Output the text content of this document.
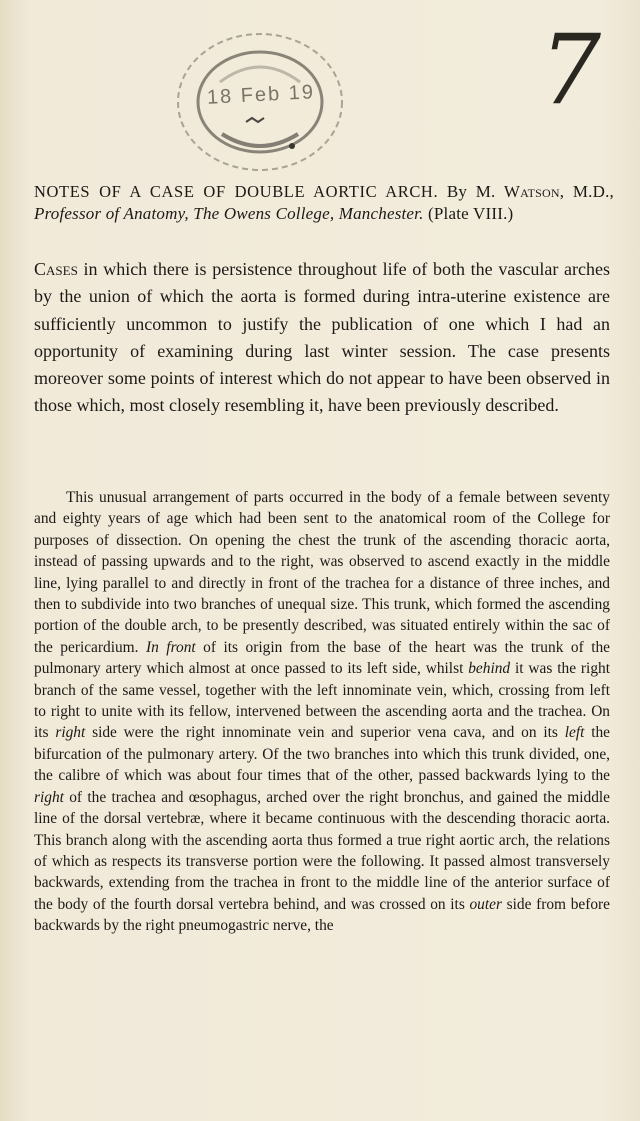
18 Feb 19 7
NOTES OF A CASE OF DOUBLE AORTIC ARCH. By M. Watson, M.D., Professor of Anatomy, The Owens College, Manchester. (Plate VIII.)
Cases in which there is persistence throughout life of both the vascular arches by the union of which the aorta is formed during intra-uterine existence are sufficiently uncommon to justify the publication of one which I had an opportunity of examining during last winter session. The case presents moreover some points of interest which do not appear to have been observed in those which, most closely resembling it, have been previously described.
This unusual arrangement of parts occurred in the body of a female between seventy and eighty years of age which had been sent to the anatomical room of the College for purposes of dissection. On opening the chest the trunk of the ascending thoracic aorta, instead of passing upwards and to the right, was observed to ascend exactly in the middle line, lying parallel to and directly in front of the trachea for a distance of three inches, and then to subdivide into two branches of unequal size. This trunk, which formed the ascending portion of the double arch, to be presently described, was situated entirely within the sac of the pericardium. In front of its origin from the base of the heart was the trunk of the pulmonary artery which almost at once passed to its left side, whilst behind it was the right branch of the same vessel, together with the left innominate vein, which, crossing from left to right to unite with its fellow, intervened between the ascending aorta and the trachea. On its right side were the right innominate vein and superior vena cava, and on its left the bifurcation of the pulmonary artery. Of the two branches into which this trunk divided, one, the calibre of which was about four times that of the other, passed backwards lying to the right of the trachea and œsophagus, arched over the right bronchus, and gained the middle line of the dorsal vertebræ, where it became continuous with the descending thoracic aorta. This branch along with the ascending aorta thus formed a true right aortic arch, the relations of which as respects its transverse portion were the following. It passed almost transversely backwards, extending from the trachea in front to the middle line of the anterior surface of the body of the fourth dorsal vertebra behind, and was crossed on its outer side from before backwards by the right pneumogastric nerve, the
